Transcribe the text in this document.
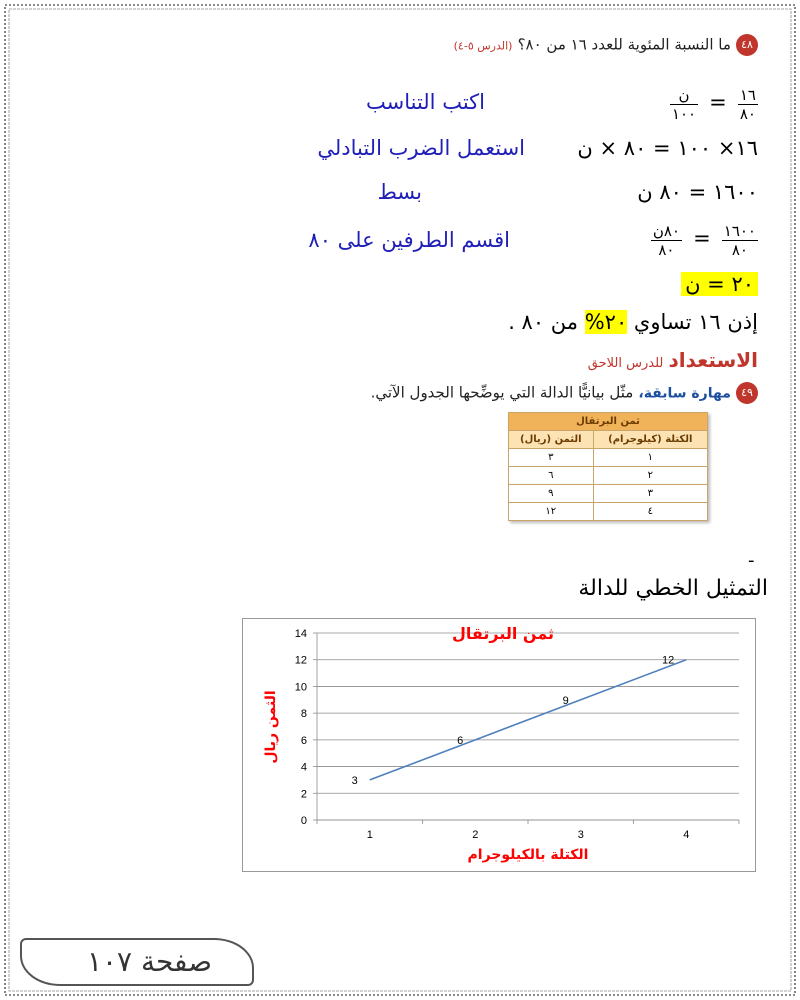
٤٨ ما النسبة المئوية للعدد ١٦ من ٨٠؟ (الدرس ٥-٤)
$\frac{\text{ن}}{١٠٠} = \frac{١٦}{٨٠}$
اكتب التناسب
١٦× ١٠٠ = ٨٠ × ن
استعمل الضرب التبادلي
١٦٠٠ = ٨٠ ن
بسط
$\frac{\text{٨٠ن}}{٨٠} = \frac{١٦٠٠}{٨٠}$
اقسم الطرفين على ٨٠
٢٠ = ن
إذن ١٦ تساوي ٢٠% من ٨٠ .
الاستعداد للدرس اللاحق
٤٩ مهارة سابقة، مثّل بيانيًّا الدالة التي يوضِّحها الجدول الآتي.
ثمن البرتقال	
الكتلة (كيلوجرام)	الثمن (ريال)
١	٣
٢	٦
٣	٩
٤	١٢
-
التمثيل الخطي للدالة
0
2
4
6
8
10
12
14
1	2	3	4
3
6
9
12
ثمن البرتقال
الكتلة بالكيلوجرام
الثمن ريال
صفحة ١٠٧
